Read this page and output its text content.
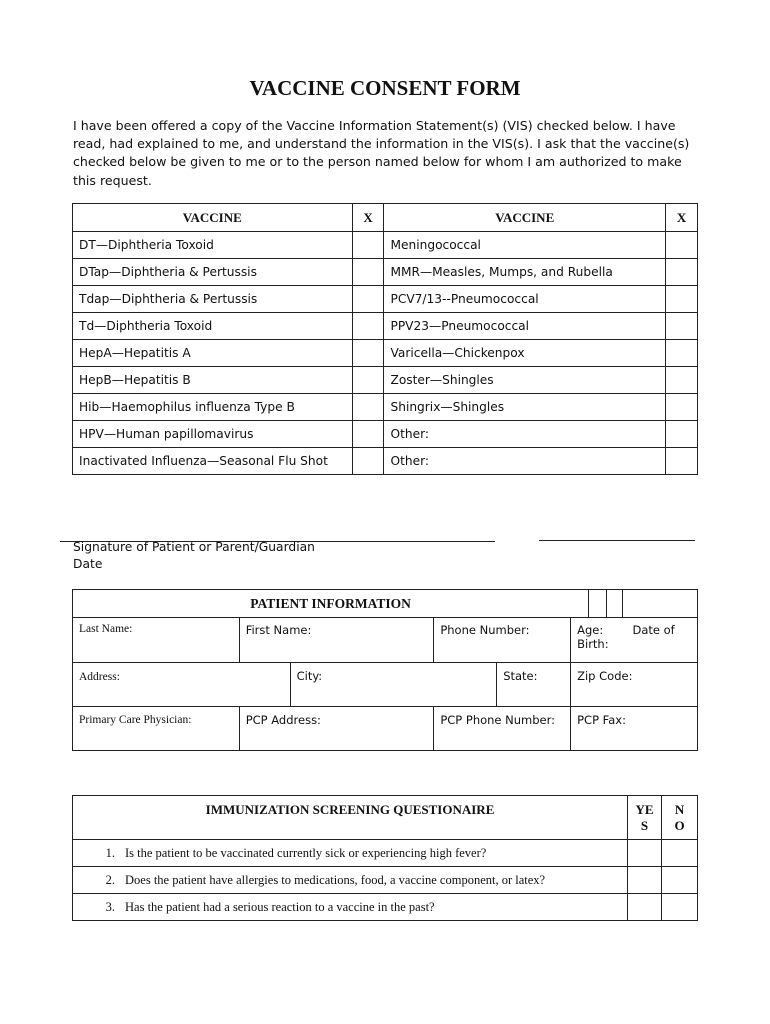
VACCINE CONSENT FORM
I have been offered a copy of the Vaccine Information Statement(s) (VIS) checked below. I have read, had explained to me, and understand the information in the VIS(s). I ask that the vaccine(s) checked below be given to me or to the person named below for whom I am authorized to make this request.
VACCINE	X	VACCINE	X
DT—Diphtheria Toxoid		Meningococcal	
DTap—Diphtheria & Pertussis		MMR—Measles, Mumps, and Rubella	
Tdap—Diphtheria & Pertussis		PCV7/13--Pneumococcal	
Td—Diphtheria Toxoid		PPV23—Pneumococcal	
HepA—Hepatitis A		Varicella—Chickenpox	
HepB—Hepatitis B		Zoster—Shingles	
Hib—Haemophilus influenza Type B		Shingrix—Shingles	
HPV—Human papillomavirus		Other:	
Inactivated Influenza—Seasonal Flu Shot		Other:	
Signature of Patient or Parent/Guardian
Date
PATIENT INFORMATION								
Last Name:	First Name:		Phone Number:		Age: Date of Birth:			
Address:		City:		State:	Zip Code:			
Primary Care Physician:	PCP Address:		PCP Phone Number:		PCP Fax:			
IMMUNIZATION SCREENING QUESTIONAIRE	YES	NO
1. Is the patient to be vaccinated currently sick or experiencing high fever?		
2. Does the patient have allergies to medications, food, a vaccine component, or latex?		
3. Has the patient had a serious reaction to a vaccine in the past?		
